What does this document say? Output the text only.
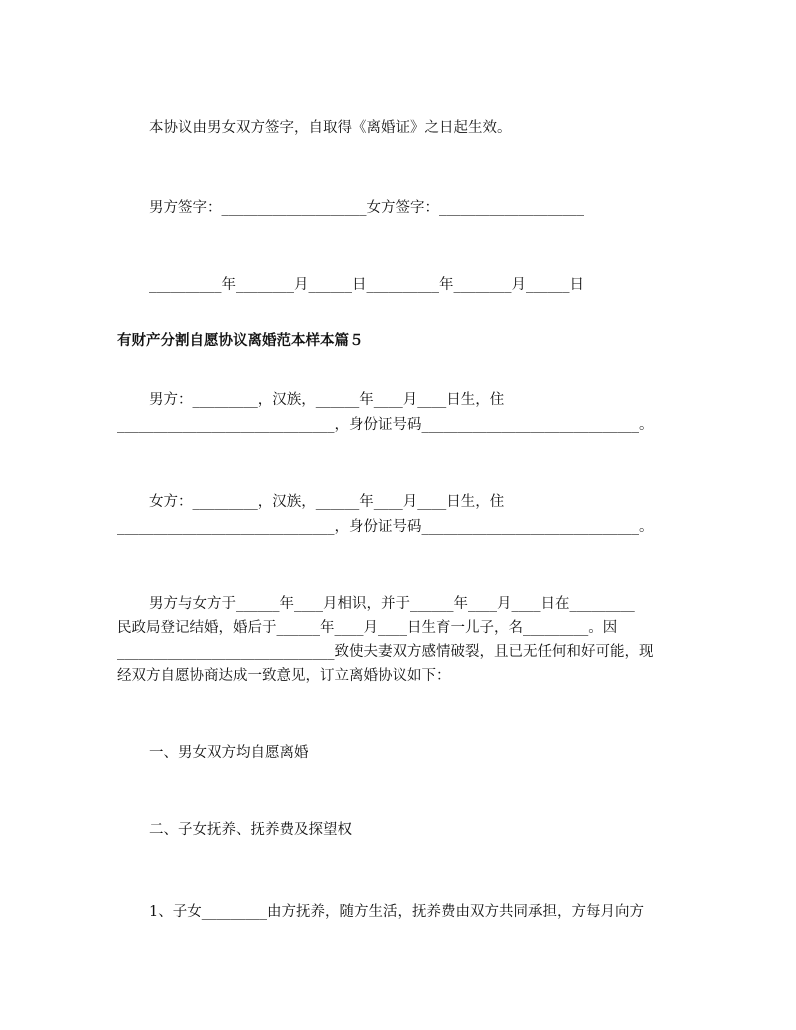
本协议由男女双方签字，自取得《离婚证》之日起生效。
男方签字：____________________女方签字：____________________
__________年________月______日__________年________月______日
有财产分割自愿协议离婚范本样本篇５
男方：_________，汉族，______年____月____日生，住
______________________________，身份证号码______________________________。
女方：_________，汉族，______年____月____日生，住
______________________________，身份证号码______________________________。
男方与女方于______年____月相识，并于______年____月____日在_________
民政局登记结婚，婚后于______年____月____日生育一儿子，名_________。因
______________________________致使夫妻双方感情破裂，且已无任何和好可能，现
经双方自愿协商达成一致意见，订立离婚协议如下：
一、男女双方均自愿离婚
二、子女抚养、抚养费及探望权
1、子女_________由方抚养，随方生活，抚养费由双方共同承担，方每月向方
